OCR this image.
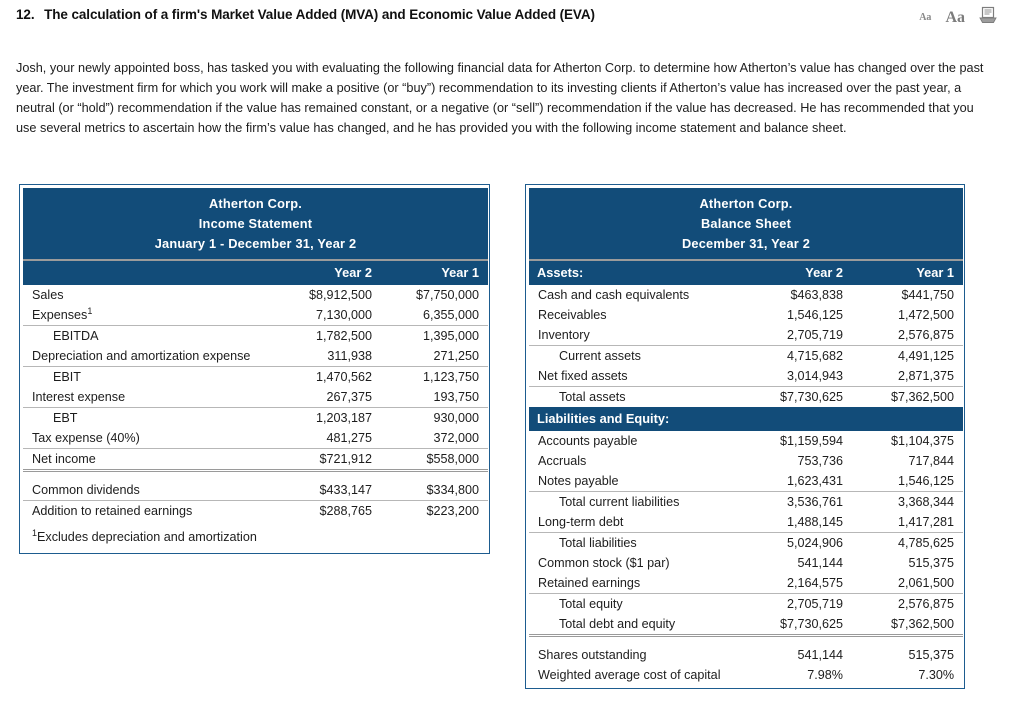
12. The calculation of a firm's Market Value Added (MVA) and Economic Value Added (EVA)	Aa Aa
Josh, your newly appointed boss, has tasked you with evaluating the following financial data for Atherton Corp. to determine how Atherton’s value has changed over the past year. The investment firm for which you work will make a positive (or “buy”) recommendation to its investing clients if Atherton’s value has increased over the past year, a neutral (or “hold”) recommendation if the value has remained constant, or a negative (or “sell”) recommendation if the value has decreased. He has recommended that you use several metrics to ascertain how the firm’s value has changed, and he has provided you with the following income statement and balance sheet.
Atherton Corp.		
Income Statement		
January 1 - December 31, Year 2		
	Year 2	Year 1
Sales	$8,912,500	$7,750,000
Expenses$^1$	7,130,000	6,355,000
EBITDA	1,782,500	1,395,000
Depreciation and amortization expense	311,938	271,250
EBIT	1,470,562	1,123,750
Interest expense	267,375	193,750
EBT	1,203,187	930,000
Tax expense (40%)	481,275	372,000
Net income	$721,912	$558,000
Common dividends	$433,147	$334,800
Addition to retained earnings	$288,765	$223,200
$^1$Excludes depreciation and amortization		
Atherton Corp.		
Balance Sheet		
December 31, Year 2		
Assets:	Year 2	Year 1
Cash and cash equivalents	$463,838	$441,750
Receivables	1,546,125	1,472,500
Inventory	2,705,719	2,576,875
Current assets	4,715,682	4,491,125
Net fixed assets	3,014,943	2,871,375
Total assets	$7,730,625	$7,362,500
Liabilities and Equity:		
Accounts payable	$1,159,594	$1,104,375
Accruals	753,736	717,844
Notes payable	1,623,431	1,546,125
Total current liabilities	3,536,761	3,368,344
Long-term debt	1,488,145	1,417,281
Total liabilities	5,024,906	4,785,625
Common stock ($1 par)	541,144	515,375
Retained earnings	2,164,575	2,061,500
Total equity	2,705,719	2,576,875
Total debt and equity	$7,730,625	$7,362,500
Shares outstanding	541,144	515,375
Weighted average cost of capital	7.98%	7.30%
